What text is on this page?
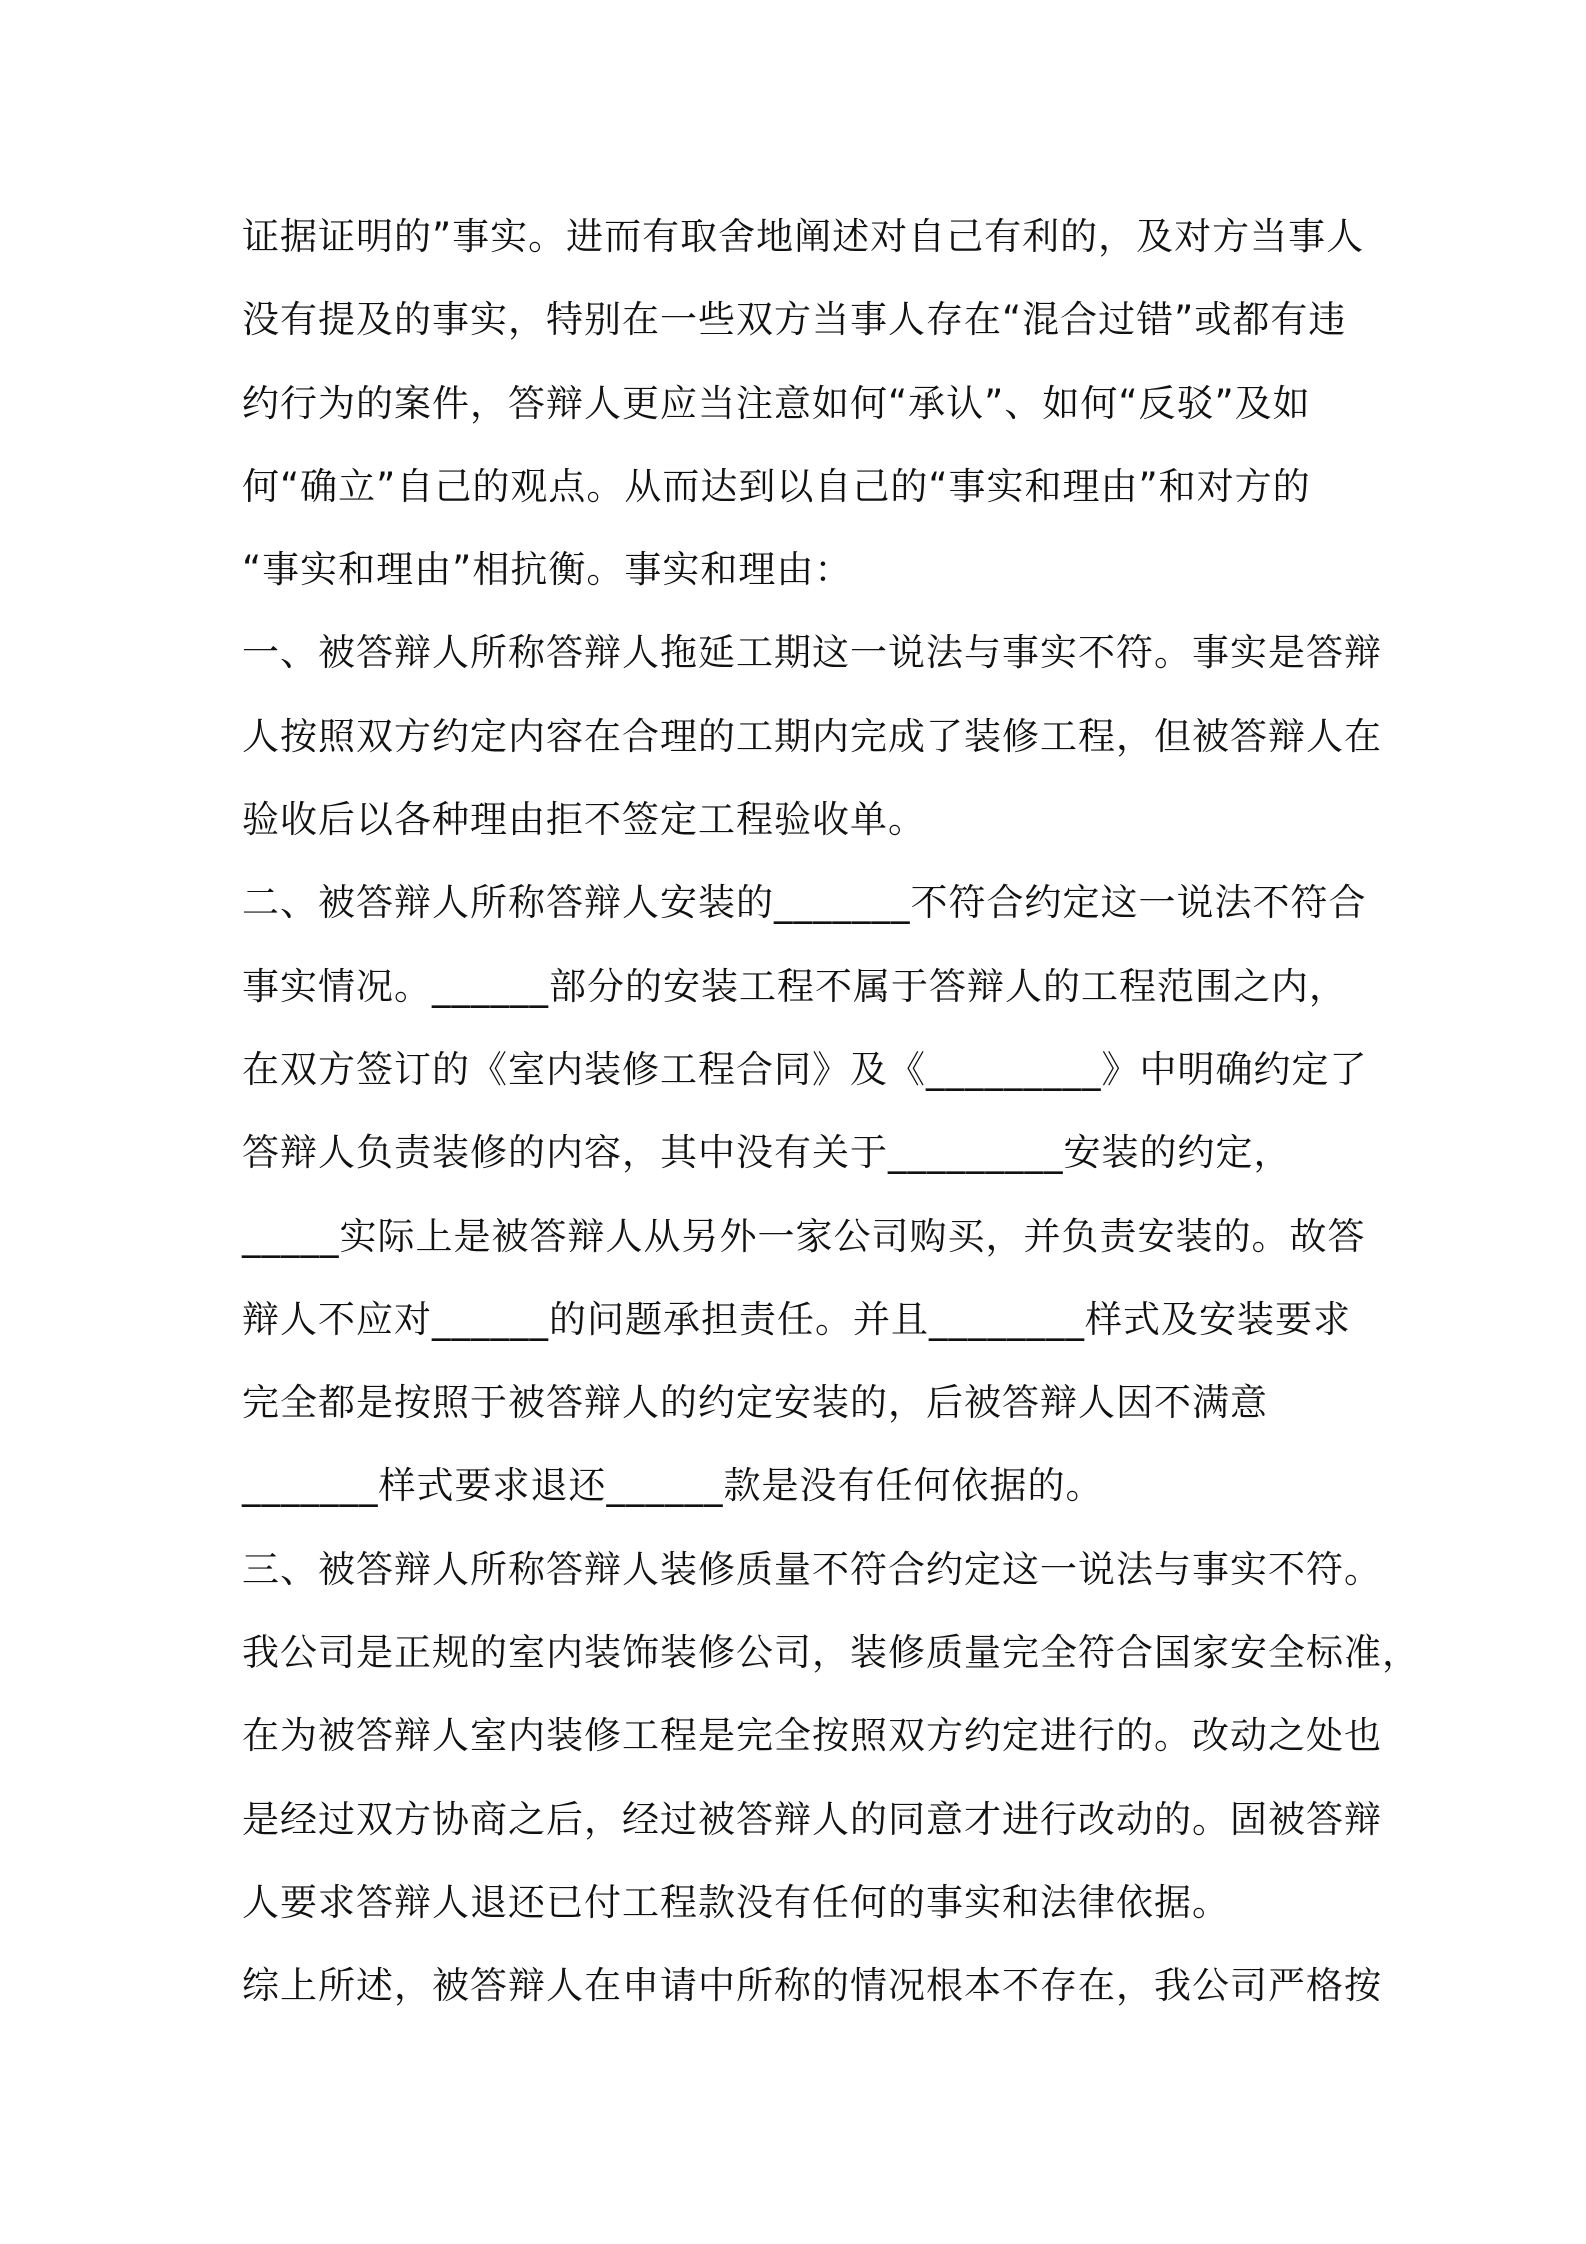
证据证明的”事实。进而有取舍地阐述对自己有利的，及对方当事人
没有提及的事实，特别在一些双方当事人存在“混合过错”或都有违
约行为的案件，答辩人更应当注意如何“承认”、如何“反驳”及如
何“确立”自己的观点。从而达到以自己的“事实和理由”和对方的
“事实和理由”相抗衡。事实和理由：
一、被答辩人所称答辩人拖延工期这一说法与事实不符。事实是答辩
人按照双方约定内容在合理的工期内完成了装修工程，但被答辩人在
验收后以各种理由拒不签定工程验收单。
二、被答辩人所称答辩人安装的_______不符合约定这一说法不符合
事实情况。______部分的安装工程不属于答辩人的工程范围之内，
在双方签订的《室内装修工程合同》及《_________》中明确约定了
答辩人负责装修的内容，其中没有关于_________安装的约定，
_____实际上是被答辩人从另外一家公司购买，并负责安装的。故答
辩人不应对______的问题承担责任。并且________样式及安装要求
完全都是按照于被答辩人的约定安装的，后被答辩人因不满意
_______样式要求退还______款是没有任何依据的。
三、被答辩人所称答辩人装修质量不符合约定这一说法与事实不符。
我公司是正规的室内装饰装修公司，装修质量完全符合国家安全标准，
在为被答辩人室内装修工程是完全按照双方约定进行的。改动之处也
是经过双方协商之后，经过被答辩人的同意才进行改动的。固被答辩
人要求答辩人退还已付工程款没有任何的事实和法律依据。
综上所述，被答辩人在申请中所称的情况根本不存在，我公司严格按
